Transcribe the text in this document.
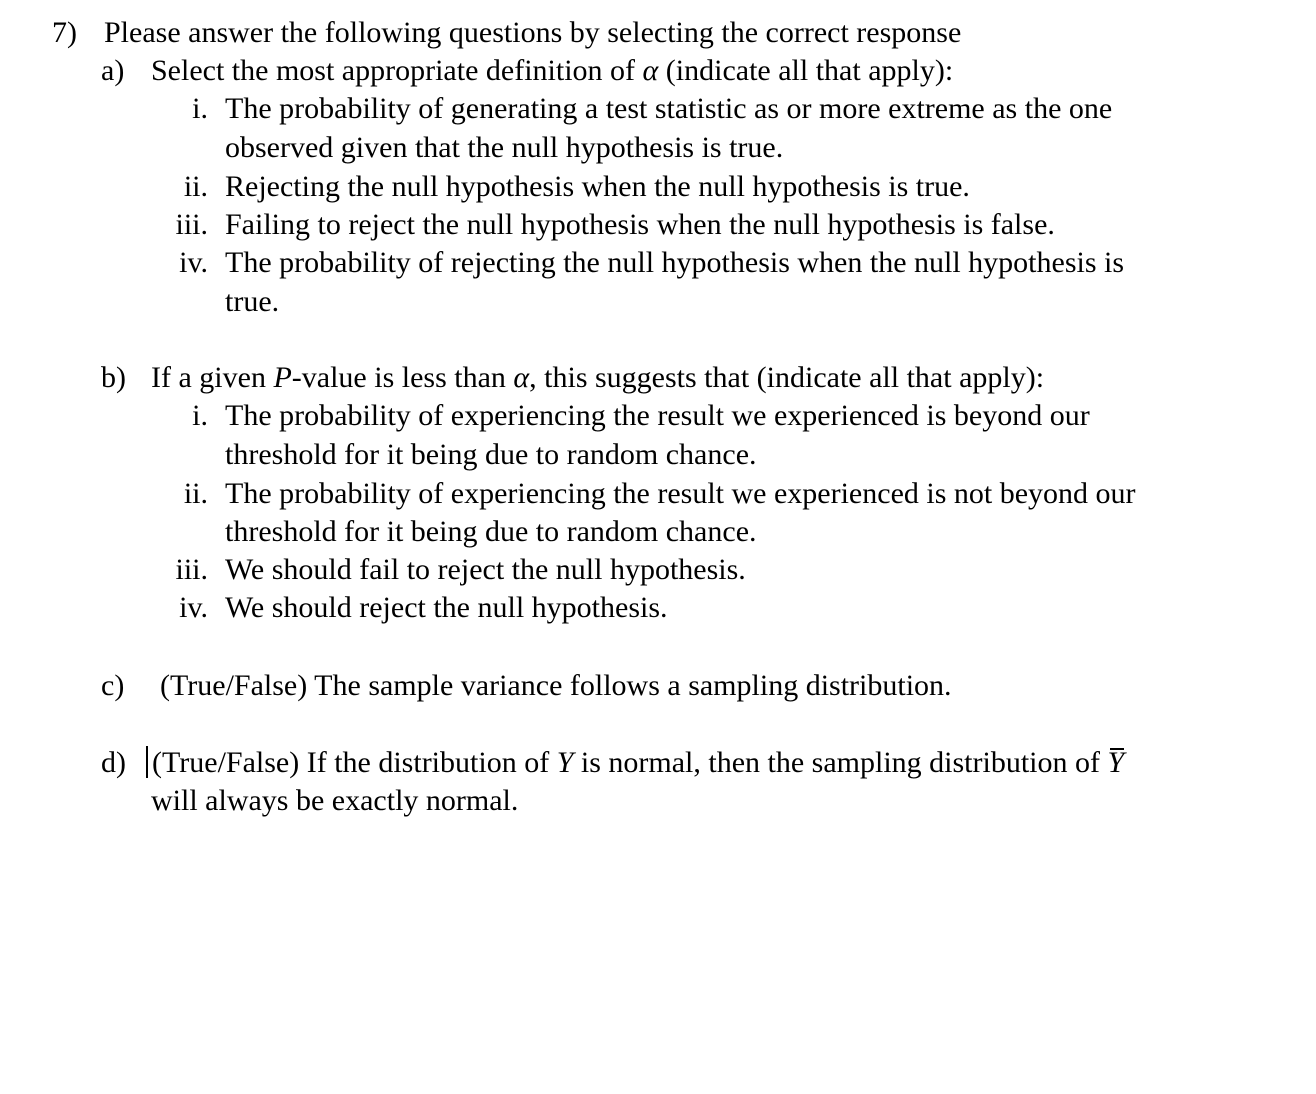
7) Please answer the following questions by selecting the correct response
a) Select the most appropriate definition of α (indicate all that apply):
i. The probability of generating a test statistic as or more extreme as the one
observed given that the null hypothesis is true.
ii. Rejecting the null hypothesis when the null hypothesis is true.
iii. Failing to reject the null hypothesis when the null hypothesis is false.
iv. The probability of rejecting the null hypothesis when the null hypothesis is
true.
b) If a given P-value is less than α, this suggests that (indicate all that apply):
i. The probability of experiencing the result we experienced is beyond our
threshold for it being due to random chance.
ii. The probability of experiencing the result we experienced is not beyond our
threshold for it being due to random chance.
iii. We should fail to reject the null hypothesis.
iv. We should reject the null hypothesis.
c) (True/False) The sample variance follows a sampling distribution.
d) (True/False) If the distribution of Y is normal, then the sampling distribution of Y
will always be exactly normal.
